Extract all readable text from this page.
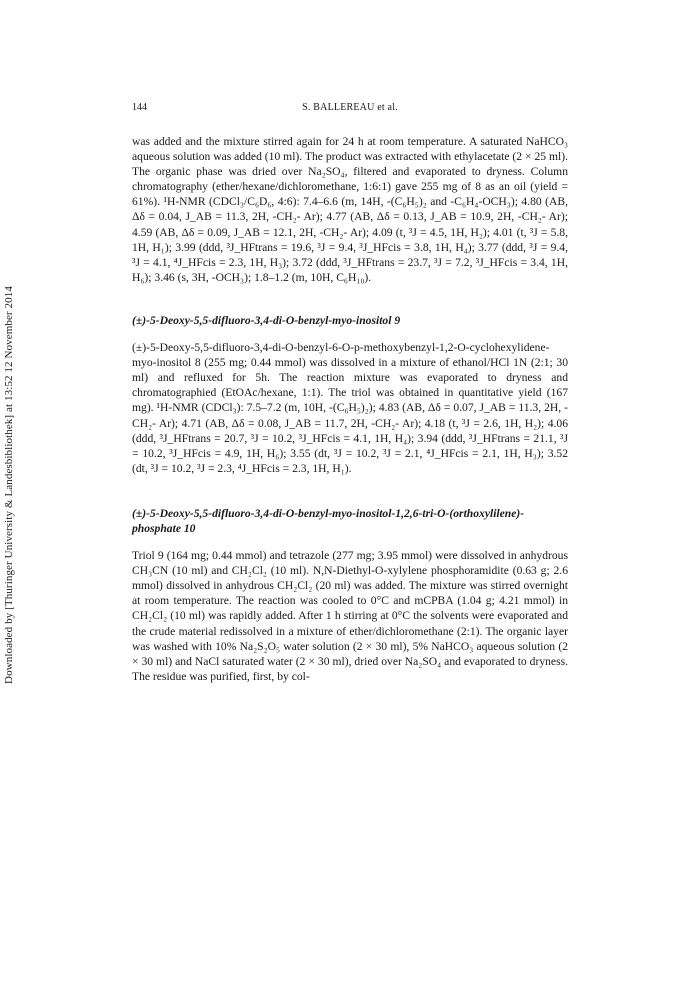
Downloaded by [Thuringer University & Landesbibliothek] at 13:52 12 November 2014
144	S. BALLEREAU et al.

was added and the mixture stirred again for 24 h at room temperature. A saturated NaHCO₃ aqueous solution was added (10 ml). The product was extracted with ethylacetate (2 × 25 ml). The organic phase was dried over Na₂SO₄, filtered and evaporated to dryness. Column chromatography (ether/hexane/dichloromethane, 1:6:1) gave 255 mg of 8 as an oil (yield = 61%). ¹H-NMR (CDCl₃/C₆D₆, 4:6): 7.4–6.6 (m, 14H, -(C₆H₅)₂ and -C₆H₄-OCH₃); 4.80 (AB, Δδ = 0.04, J_AB = 11.3, 2H, -CH₂- Ar); 4.77 (AB, Δδ = 0.13, J_AB = 10.9, 2H, -CH₂- Ar); 4.59 (AB, Δδ = 0.09, J_AB = 12.1, 2H, -CH₂- Ar); 4.09 (t, ³J = 4.5, 1H, H₂); 4.01 (t, ³J = 5.8, 1H, H₁); 3.99 (ddd, ³J_HFtrans = 19.6, ³J = 9.4, ³J_HFcis = 3.8, 1H, H₄); 3.77 (ddd, ³J = 9.4, ³J = 4.1, ⁴J_HFcis = 2.3, 1H, H₃); 3.72 (ddd, ³J_HFtrans = 23.7, ³J = 7.2, ³J_HFcis = 3.4, 1H, H₆); 3.46 (s, 3H, -OCH₃); 1.8–1.2 (m, 10H, C₆H₁₀).

(±)-5-Deoxy-5,5-difluoro-3,4-di-O-benzyl-myo-inositol 9

(±)-5-Deoxy-5,5-difluoro-3,4-di-O-benzyl-6-O-p-methoxybenzyl-1,2-O-cyclohexylidene-myo-inositol 8 (255 mg; 0.44 mmol) was dissolved in a mixture of ethanol/HCl 1N (2:1; 30 ml) and refluxed for 5h. The reaction mixture was evaporated to dryness and chromatographied (EtOAc/hexane, 1:1). The triol was obtained in quantitative yield (167 mg). ¹H-NMR (CDCl₃): 7.5–7.2 (m, 10H, -(C₆H₅)₂); 4.83 (AB, Δδ = 0.07, J_AB = 11.3, 2H, -CH₂- Ar); 4.71 (AB, Δδ = 0.08, J_AB = 11.7, 2H, -CH₂- Ar); 4.18 (t, ³J = 2.6, 1H, H₂); 4.06 (ddd, ³J_HFtrans = 20.7, ³J = 10.2, ³J_HFcis = 4.1, 1H, H₄); 3.94 (ddd, ³J_HFtrans = 21.1, ³J = 10.2, ³J_HFcis = 4.9, 1H, H₆); 3.55 (dt, ³J = 10.2, ³J = 2.1, ⁴J_HFcis = 2.1, 1H, H₃); 3.52 (dt, ³J = 10.2, ³J = 2.3, ⁴J_HFcis = 2.3, 1H, H₁).

(±)-5-Deoxy-5,5-difluoro-3,4-di-O-benzyl-myo-inositol-1,2,6-tri-O-(orthoxylilene)-phosphate 10

Triol 9 (164 mg; 0.44 mmol) and tetrazole (277 mg; 3.95 mmol) were dissolved in anhydrous CH₃CN (10 ml) and CH₂Cl₂ (10 ml). N,N-Diethyl-O-xylylene phosphoramidite (0.63 g; 2.6 mmol) dissolved in anhydrous CH₂Cl₂ (20 ml) was added. The mixture was stirred overnight at room temperature. The reaction was cooled to 0°C and mCPBA (1.04 g; 4.21 mmol) in CH₂Cl₂ (10 ml) was rapidly added. After 1 h stirring at 0°C the solvents were evaporated and the crude material redissolved in a mixture of ether/dichloromethane (2:1). The organic layer was washed with 10% Na₂S₂O₅ water solution (2 × 30 ml), 5% NaHCO₃ aqueous solution (2 × 30 ml) and NaCl saturated water (2 × 30 ml), dried over Na₂SO₄ and evaporated to dryness. The residue was purified, first, by col-
